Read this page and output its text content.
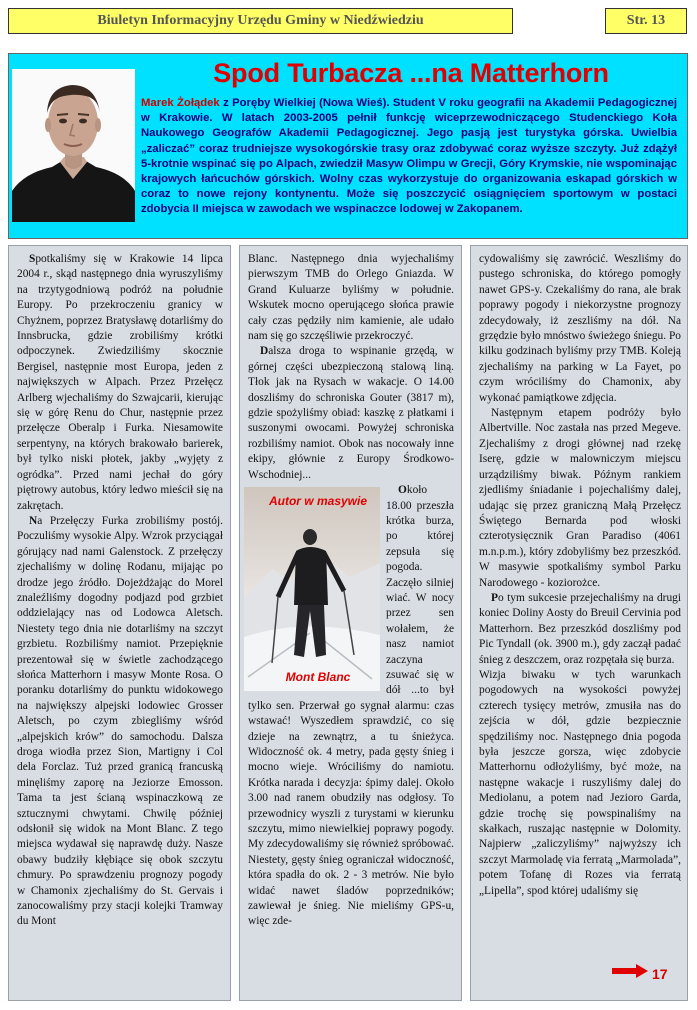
Biuletyn Informacyjny Urzędu Gminy w Niedźwiedziu	Str. 13
Spod Turbacza ...na Matterhorn
Marek Żołądek z Poręby Wielkiej (Nowa Wieś). Student V roku geografii na Akademii Pedagogicznej w Krakowie. W latach 2003-2005 pełnił funkcję wiceprzewodniczącego Studenckiego Koła Naukowego Geografów Akademii Pedagogicznej. Jego pasją jest turystyka górska. Uwielbia „zaliczać” coraz trudniejsze wysokogórskie trasy oraz zdobywać coraz wyższe szczyty. Już zdążył 5-krotnie wspinać się po Alpach, zwiedził Masyw Olimpu w Grecji, Góry Krymskie, nie wspominając krajowych łańcuchów górskich. Wolny czas wykorzystuje do organizowania eskapad górskich w coraz to nowe rejony kontynentu. Może się poszczycić osiągnięciem sportowym w postaci zdobycia II miejsca w zawodach we wspinaczce lodowej w Zakopanem.

Spotkaliśmy się w Krakowie 14 lipca 2004 r., skąd następnego dnia wyruszyliśmy na trzytygodniową podróż na południe Europy. Po przekroczeniu granicy w Chyżnem, poprzez Bratysławę dotarliśmy do Innsbrucka, gdzie zrobiliśmy krótki odpoczynek. Zwiedziliśmy skocznie Bergisel, następnie most Europa, jeden z największych w Alpach. Przez Przełęcz Arlberg wjechaliśmy do Szwajcarii, kierując się w górę Renu do Chur, następnie przez przełęcze Oberalp i Furka. Niesamowite serpentyny, na których brakowało barierek, był tylko niski płotek, jakby „wyjęty z ogródka”. Przed nami jechał do góry piętrowy autobus, który ledwo mieścił się na zakrętach.

Na Przełęczy Furka zrobiliśmy postój. Poczuliśmy wysokie Alpy. Wzrok przyciągał górujący nad nami Galenstock. Z przełęczy zjechaliśmy w dolinę Rodanu, mijając po drodze jego źródło. Dojeżdżając do Morel znaleźliśmy dogodny podjazd pod grzbiet oddzielający nas od Lodowca Aletsch. Niestety tego dnia nie dotarliśmy na szczyt grzbietu. Rozbiliśmy namiot. Przepięknie prezentował się w świetle zachodzącego słońca Matterhorn i masyw Monte Rosa. O poranku dotarliśmy do punktu widokowego na największy alpejski lodowiec Grosser Aletsch, po czym zbiegliśmy wśród „alpejskich krów” do samochodu. Dalsza droga wiodła przez Sion, Martigny i Col dela Forclaz. Tuż przed granicą francuską minęliśmy zaporę na Jeziorze Emosson. Tama ta jest ścianą wspinaczkową ze sztucznymi chwytami. Chwilę później odsłonił się widok na Mont Blanc. Z tego miejsca wydawał się naprawdę duży. Nasze obawy budziły kłębiące się obok szczytu chmury. Po sprawdzeniu prognozy pogody w Chamonix zjechaliśmy do St. Gervais i zanocowaliśmy przy stacji kolejki Tramway du Mont

Blanc. Następnego dnia wyjechaliśmy pierwszym TMB do Orlego Gniazda. W Grand Kuluarze byliśmy w południe. Wskutek mocno operującego słońca prawie cały czas pędziły nim kamienie, ale udało nam się go szczęśliwie przekroczyć.

Dalsza droga to wspinanie grzędą, w górnej części ubezpieczoną stalową liną. Tłok jak na Rysach w wakacje. O 14.00 doszliśmy do schroniska Gouter (3817 m), gdzie spożyliśmy obiad: kaszkę z płatkami i suszonymi owocami. Powyżej schroniska rozbiliśmy namiot. Obok nas nocowały inne ekipy, głównie z Europy Środkowo-Wschodniej...

Autor w masywie
Mont Blanc
Około 18.00 przeszła krótka burza, po której zepsuła się pogoda. Zaczęło silniej wiać. W nocy przez sen wołałem, że nasz namiot zaczyna zsuwać się w dół ...to był tylko sen. Przerwał go sygnał alarmu: czas wstawać! Wyszedłem sprawdzić, co się dzieje na zewnątrz, a tu śnieżyca. Widoczność ok. 4 metry, pada gęsty śnieg i mocno wieje. Wróciliśmy do namiotu. Krótka narada i decyzja: śpimy dalej. Około 3.00 nad ranem obudziły nas odgłosy. To przewodnicy wyszli z turystami w kierunku szczytu, mimo niewielkiej poprawy pogody. My zdecydowaliśmy się również spróbować. Niestety, gęsty śnieg ograniczał widoczność, która spadła do ok. 2 - 3 metrów. Nie było widać nawet śladów poprzedników; zawiewał je śnieg. Nie mieliśmy GPS-u, więc zde-

cydowaliśmy się zawrócić. Weszliśmy do pustego schroniska, do którego pomogły nawet GPS-y. Czekaliśmy do rana, ale brak poprawy pogody i niekorzystne prognozy zdecydowały, iż zeszliśmy na dół. Na grzędzie było mnóstwo świeżego śniegu. Po kilku godzinach byliśmy przy TMB. Koleją zjechaliśmy na parking w La Fayet, po czym wróciliśmy do Chamonix, aby wykonać pamiątkowe zdjęcia.

Następnym etapem podróży było Albertville. Noc zastała nas przed Megeve. Zjechaliśmy z drogi głównej nad rzekę Iserę, gdzie w malowniczym miejscu urządziliśmy biwak. Późnym rankiem zjedliśmy śniadanie i pojechaliśmy dalej, udając się przez graniczną Małą Przełęcz Świętego Bernarda pod włoski czterotysięcznik Gran Paradiso (4061 m.n.p.m.), który zdobyliśmy bez przeszkód. W masywie spotkaliśmy symbol Parku Narodowego - koziorożce.

Po tym sukcesie przejechaliśmy na drugi koniec Doliny Aosty do Breuil Cervinia pod Matterhorn. Bez przeszkód doszliśmy pod Pic Tyndall (ok. 3900 m.), gdy zaczął padać śnieg z deszczem, oraz rozpętała się burza.

Wizja biwaku w tych warunkach pogodowych na wysokości powyżej czterech tysięcy metrów, zmusiła nas do zejścia w dół, gdzie bezpiecznie spędziliśmy noc. Następnego dnia pogoda była jeszcze gorsza, więc zdobycie Matterhornu odłożyliśmy, być może, na następne wakacje i ruszyliśmy dalej do Mediolanu, a potem nad Jezioro Garda, gdzie trochę się powspinaliśmy na skałkach, ruszając następnie w Dolomity. Najpierw „zaliczyliśmy” najwyższy ich szczyt Marmoladę via ferratą „Marmolada”, potem Tofanę di Rozes via ferratą „Lipella”, spod której udaliśmy się

17
